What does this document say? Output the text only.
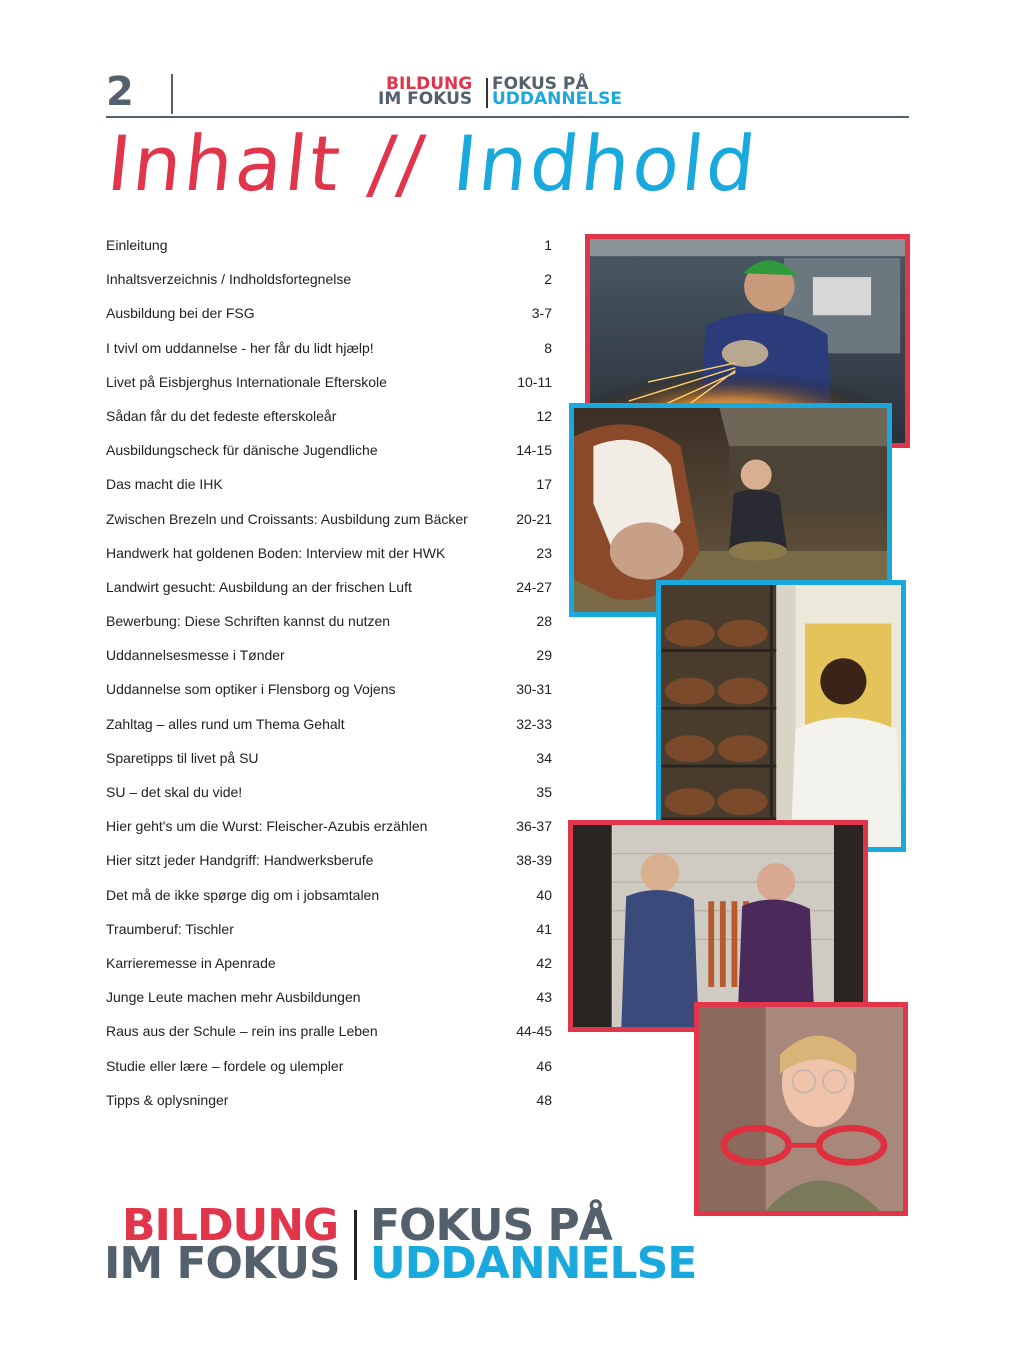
2	BILDUNG
IM FOKUS
FOKUS PÅ
UDDANNELSE
Inhalt // Indhold
Einleitung	1
Inhaltsverzeichnis / Indholdsfortegnelse	2
Ausbildung bei der FSG	3-7
I tvivl om uddannelse - her får du lidt hjælp!	8
Livet på Eisbjerghus Internationale Efterskole	10-11
Sådan får du det fedeste efterskoleår	12
Ausbildungscheck für dänische Jugendliche	14-15
Das macht die IHK	17
Zwischen Brezeln und Croissants: Ausbildung zum Bäcker	20-21
Handwerk hat goldenen Boden: Interview mit der HWK	23
Landwirt gesucht: Ausbildung an der frischen Luft	24-27
Bewerbung: Diese Schriften kannst du nutzen	28
Uddannelsesmesse i Tønder	29
Uddannelse som optiker i Flensborg og Vojens	30-31
Zahltag – alles rund um Thema Gehalt	32-33
Sparetipps til livet på SU	34
SU – det skal du vide!	35
Hier geht's um die Wurst: Fleischer-Azubis erzählen	36-37
Hier sitzt jeder Handgriff: Handwerksberufe	38-39
Det må de ikke spørge dig om i jobsamtalen	40
Traumberuf: Tischler	41
Karrieremesse in Apenrade	42
Junge Leute machen mehr Ausbildungen	43
Raus aus der Schule – rein ins pralle Leben	44-45
Studie eller lære – fordele og ulempler	46
Tipps & oplysninger	48
BILDUNG
IM FOKUS
FOKUS PÅ
UDDANNELSE
